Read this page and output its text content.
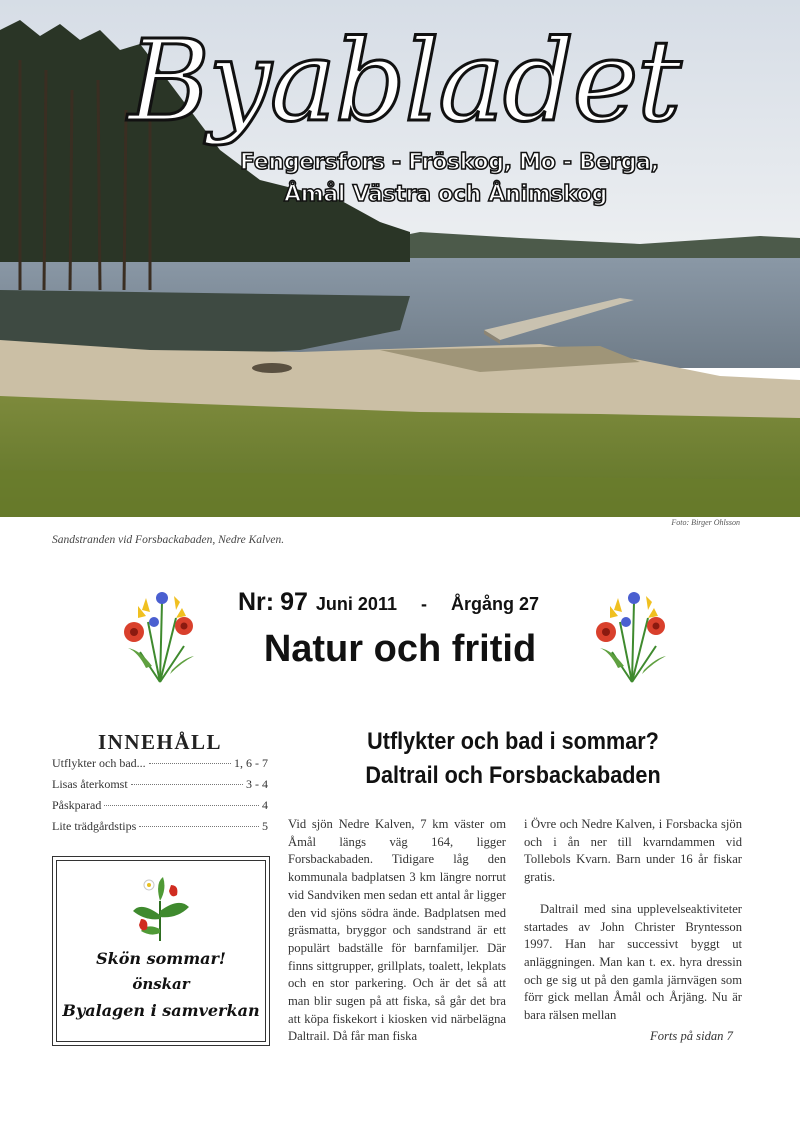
Byabladet
Fengersfors - Fröskog, Mo - Berga,
Åmål Västra och Ånimskog
Foto: Birger Ohlsson
Sandstranden vid Forsbackabaden, Nedre Kalven.
Nr: 97 Juni 2011 - Årgång 27
Natur och fritid
INNEHÅLL
Utflykter och bad...	1, 6 - 7
Lisas återkomst	3 - 4
Påskparad	4
Lite trädgårdstips	5
Skön sommar!
önskar
Byalagen i samverkan
Utflykter och bad i sommar?
Daltrail och Forsbackabaden
Vid sjön Nedre Kalven, 7 km väster om Åmål längs väg 164, ligger Forsbackabaden. Tidigare låg den kommunala badplatsen 3 km längre norrut vid Sandviken men sedan ett antal år ligger den vid sjöns södra ände. Badplatsen med gräsmatta, bryggor och sandstrand är ett populärt badställe för barnfamiljer. Där finns sittgrupper, grillplats, toalett, lekplats och en stor parkering. Och är det så att man blir sugen på att fiska, så går det bra att köpa fiskekort i kiosken vid närbelägna Daltrail. Då får man fiska
i Övre och Nedre Kalven, i Forsbacka sjön och i ån ner till kvarndammen vid Tollebols Kvarn. Barn under 16 år fiskar gratis.
Daltrail med sina upplevelseaktiviteter startades av John Christer Bryntesson 1997. Han har successivt byggt ut anläggningen. Man kan t. ex. hyra dressin och ge sig ut på den gamla järnvägen som förr gick mellan Åmål och Årjäng. Nu är bara rälsen mellan
Forts på sidan 7
